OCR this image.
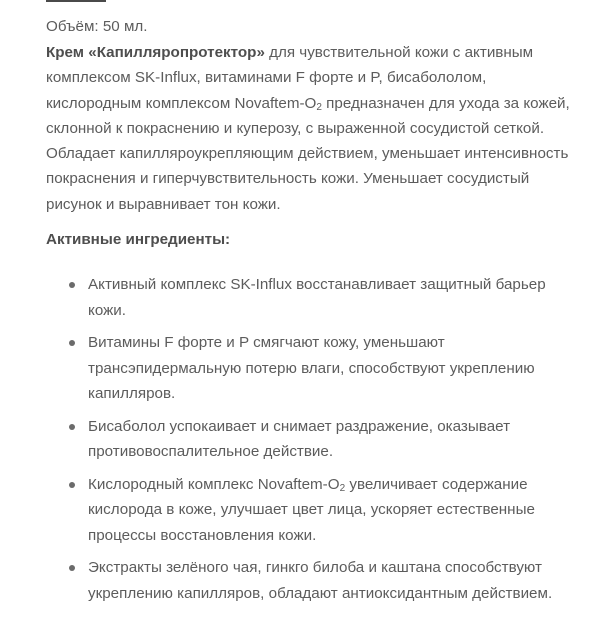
Объём: 50 мл.

Крем «Капилляропротектор» для чувствительной кожи с активным комплексом SK-Influx, витаминами F форте и P, бисабололом, кислородным комплексом Novaftem-$O_2$ предназначен для ухода за кожей, склонной к покраснению и куперозу, с выраженной сосудистой сеткой. Обладает капилляроукрепляющим действием, уменьшает интенсивность покраснения и гиперчувствительность кожи. Уменьшает сосудистый рисунок и выравнивает тон кожи.

Активные ингредиенты:

Активный комплекс SK-Influx восстанавливает защитный барьер кожи.
Витамины F форте и P смягчают кожу, уменьшают трансэпидермальную потерю влаги, способствуют укреплению капилляров.
Бисаболол успокаивает и снимает раздражение, оказывает противовоспалительное действие.
Кислородный комплекс Novaftem-$O_2$ увеличивает содержание кислорода в коже, улучшает цвет лица, ускоряет естественные процессы восстановления кожи.
Экстракты зелёного чая, гинкго билоба и каштана способствуют укреплению капилляров, обладают антиоксидантным действием.
